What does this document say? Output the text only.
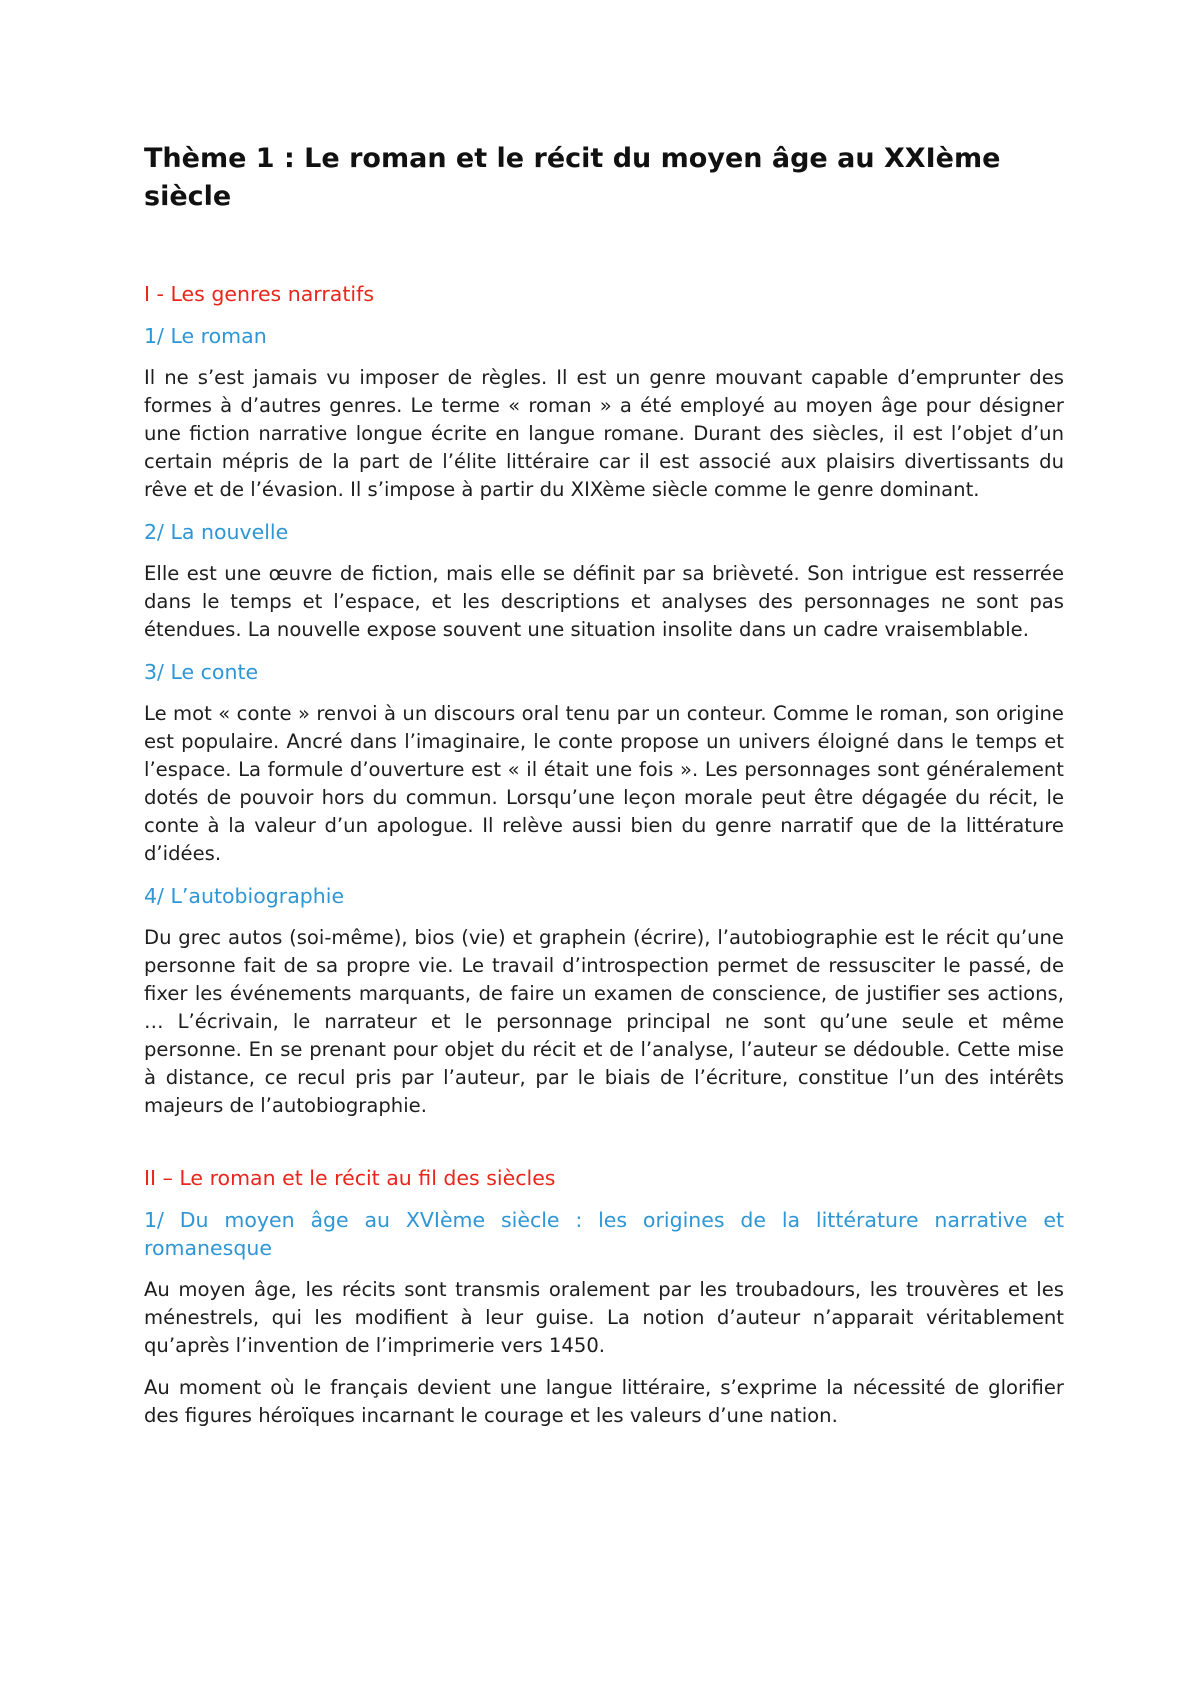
Thème 1 : Le roman et le récit du moyen âge au XXIème siècle
I - Les genres narratifs
1/ Le roman

Il ne s’est jamais vu imposer de règles. Il est un genre mouvant capable d’emprunter des formes à d’autres genres. Le terme « roman » a été employé au moyen âge pour désigner une fiction narrative longue écrite en langue romane. Durant des siècles, il est l’objet d’un certain mépris de la part de l’élite littéraire car il est associé aux plaisirs divertissants du rêve et de l’évasion. Il s’impose à partir du XIXème siècle comme le genre dominant.

2/ La nouvelle

Elle est une œuvre de fiction, mais elle se définit par sa brièveté. Son intrigue est resserrée dans le temps et l’espace, et les descriptions et analyses des personnages ne sont pas étendues. La nouvelle expose souvent une situation insolite dans un cadre vraisemblable.

3/ Le conte

Le mot « conte » renvoi à un discours oral tenu par un conteur. Comme le roman, son origine est populaire. Ancré dans l’imaginaire, le conte propose un univers éloigné dans le temps et l’espace. La formule d’ouverture est « il était une fois ». Les personnages sont généralement dotés de pouvoir hors du commun. Lorsqu’une leçon morale peut être dégagée du récit, le conte à la valeur d’un apologue. Il relève aussi bien du genre narratif que de la littérature d’idées.

4/ L’autobiographie

Du grec autos (soi-même), bios (vie) et graphein (écrire), l’autobiographie est le récit qu’une personne fait de sa propre vie. Le travail d’introspection permet de ressusciter le passé, de fixer les événements marquants, de faire un examen de conscience, de justifier ses actions, … L’écrivain, le narrateur et le personnage principal ne sont qu’une seule et même personne. En se prenant pour objet du récit et de l’analyse, l’auteur se dédouble. Cette mise à distance, ce recul pris par l’auteur, par le biais de l’écriture, constitue l’un des intérêts majeurs de l’autobiographie.

II – Le roman et le récit au fil des siècles
1/ Du moyen âge au XVIème siècle : les origines de la littérature narrative et romanesque

Au moyen âge, les récits sont transmis oralement par les troubadours, les trouvères et les ménestrels, qui les modifient à leur guise. La notion d’auteur n’apparait véritablement qu’après l’invention de l’imprimerie vers 1450.

Au moment où le français devient une langue littéraire, s’exprime la nécessité de glorifier des figures héroïques incarnant le courage et les valeurs d’une nation.
